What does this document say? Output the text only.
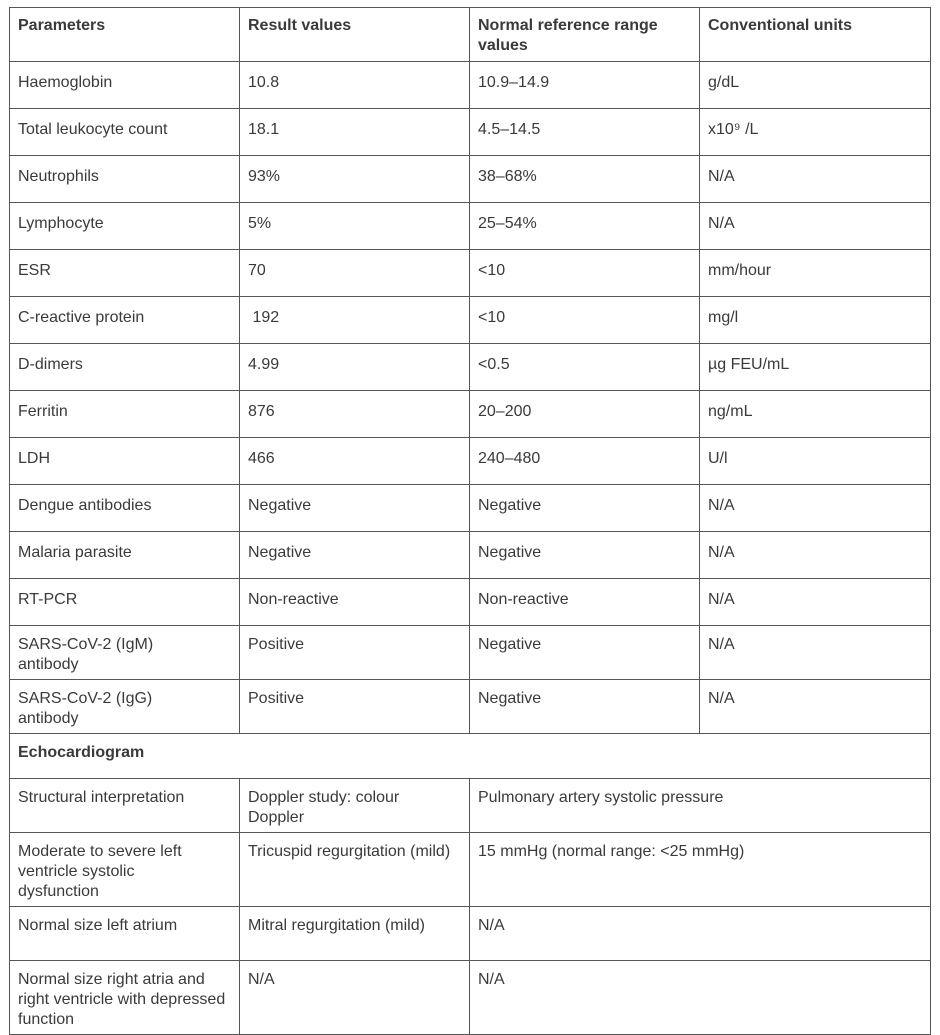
Parameters	Result values	Normal reference range values	Conventional units
Haemoglobin	10.8	10.9–14.9	g/dL
Total leukocyte count	18.1	4.5–14.5	x10⁹ /L
Neutrophils	93%	38–68%	N/A
Lymphocyte	5%	25–54%	N/A
ESR	70	<10	mm/hour
C-reactive protein	192	<10	mg/l
D-dimers	4.99	<0.5	µg FEU/mL
Ferritin	876	20–200	ng/mL
LDH	466	240–480	U/l
Dengue antibodies	Negative	Negative	N/A
Malaria parasite	Negative	Negative	N/A
RT-PCR	Non-reactive	Non-reactive	N/A
SARS-CoV-2 (IgM) antibody	Positive	Negative	N/A
SARS-CoV-2 (IgG) antibody	Positive	Negative	N/A
Echocardiogram			
Structural interpretation	Doppler study: colour Doppler	Pulmonary artery systolic pressure	
Moderate to severe left ventricle systolic dysfunction	Tricuspid regurgitation (mild)	15 mmHg (normal range: <25 mmHg)	
Normal size left atrium	Mitral regurgitation (mild)	N/A	
Normal size right atria and right ventricle with depressed function	N/A	N/A	
